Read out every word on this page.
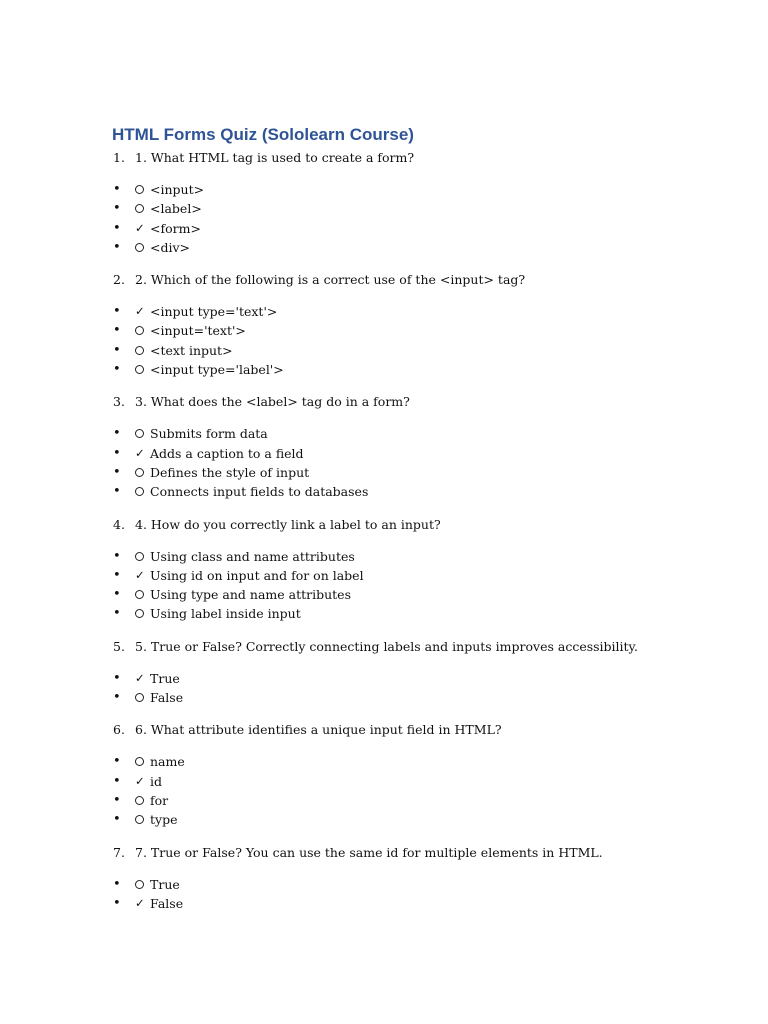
HTML Forms Quiz (Sololearn Course)
1. 1. What HTML tag is used to create a form?
• <input>
• <label>
• ✓ <form>
• <div>
2. 2. Which of the following is a correct use of the <input> tag?
• ✓ <input type='text'>
• <input='text'>
• <text input>
• <input type='label'>
3. 3. What does the <label> tag do in a form?
• Submits form data
• ✓ Adds a caption to a field
• Defines the style of input
• Connects input fields to databases
4. 4. How do you correctly link a label to an input?
• Using class and name attributes
• ✓ Using id on input and for on label
• Using type and name attributes
• Using label inside input
5. 5. True or False? Correctly connecting labels and inputs improves accessibility.
• ✓ True
• False
6. 6. What attribute identifies a unique input field in HTML?
• name
• ✓ id
• for
• type
7. 7. True or False? You can use the same id for multiple elements in HTML.
• True
• ✓ False
